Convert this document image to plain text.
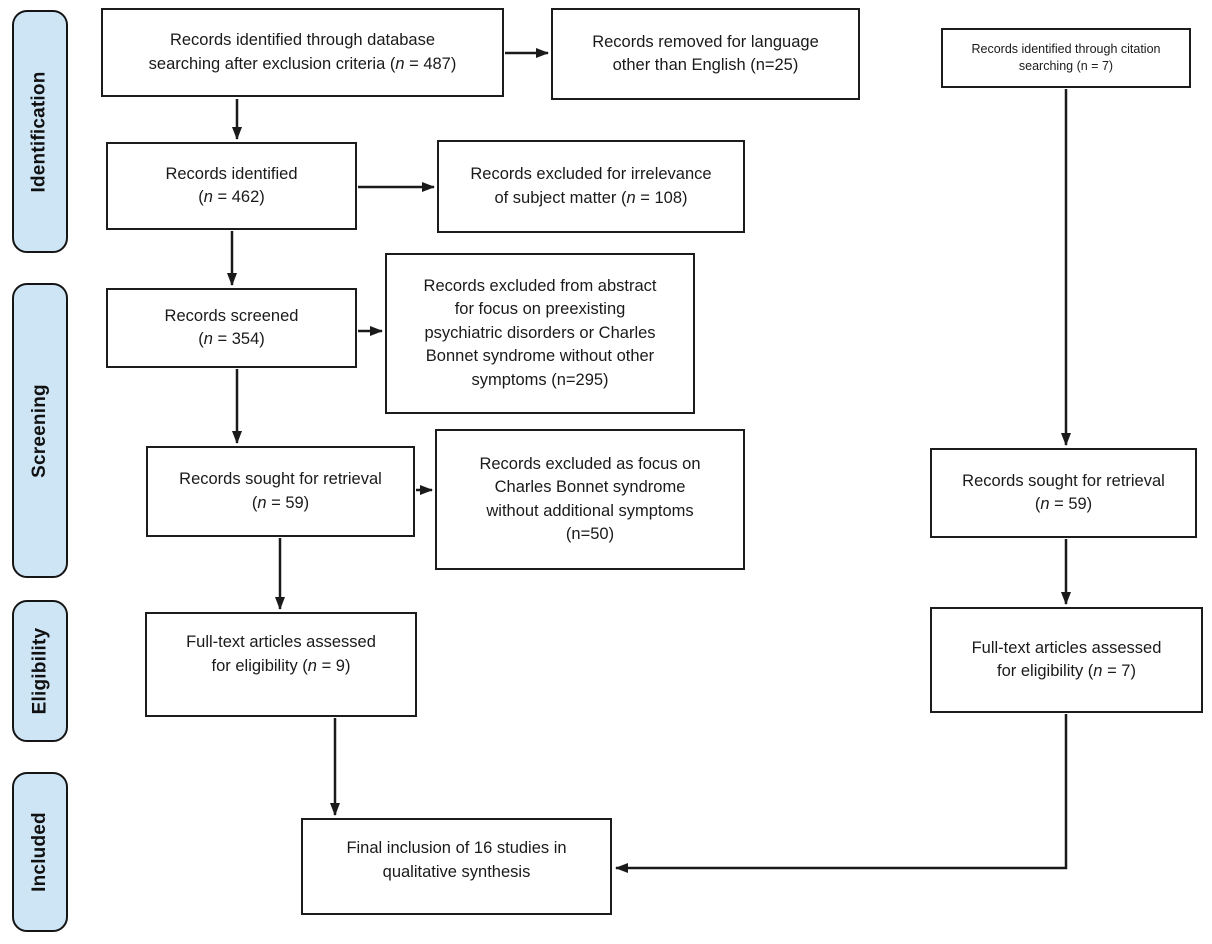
Identification
Screening
Eligibility
Included
Records identified through database
searching after exclusion criteria (n = 487)
Records removed for language
other than English (n=25)
Records identified through citation
searching (n = 7)
Records identified
(n = 462)
Records excluded for irrelevance
of subject matter (n = 108)
Records screened
(n = 354)
Records excluded from abstract
for focus on preexisting
psychiatric disorders or Charles
Bonnet syndrome without other
symptoms (n=295)
Records sought for retrieval
(n = 59)
Records excluded as focus on
Charles Bonnet syndrome
without additional symptoms
(n=50)
Full-text articles assessed
for eligibility (n = 9)
Records sought for retrieval
(n = 59)
Full-text articles assessed
for eligibility (n = 7)
Final inclusion of 16 studies in
qualitative synthesis
